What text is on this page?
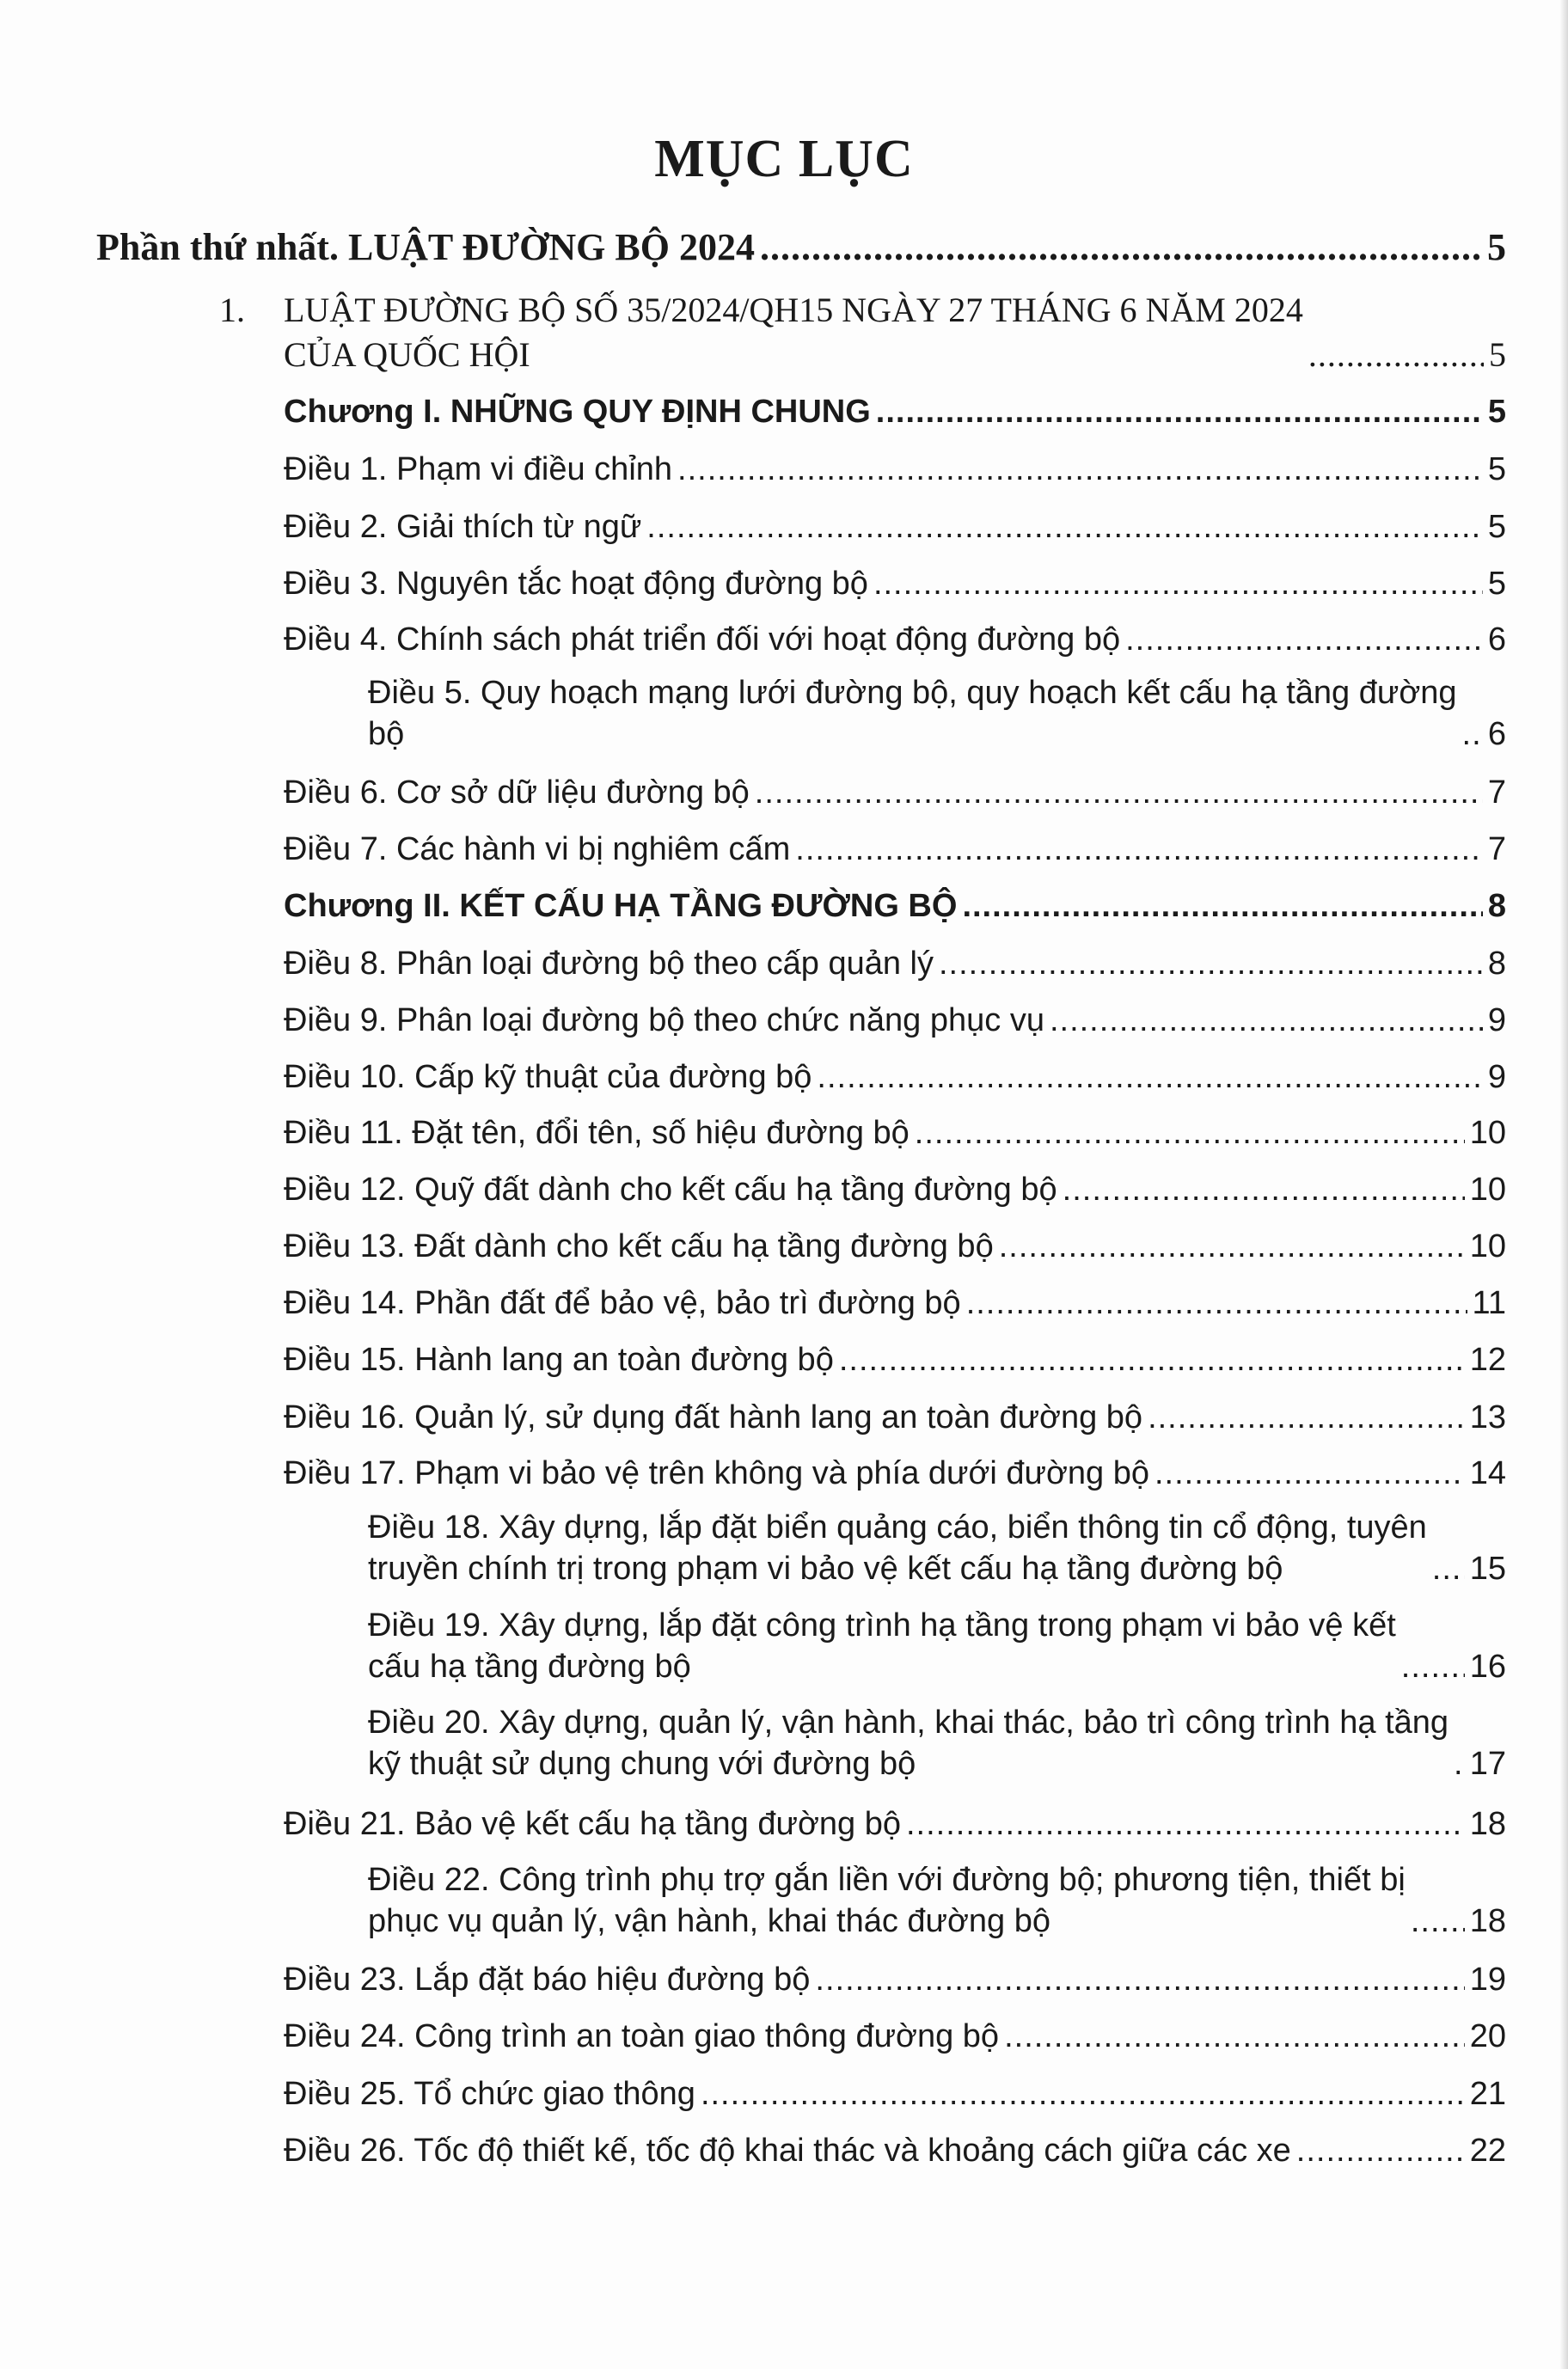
MỤC LỤC
Phần thứ nhất. LUẬT ĐƯỜNG BỘ 2024 .....	5
1. LUẬT ĐƯỜNG BỘ SỐ 35/2024/QH15 NGÀY 27 THÁNG 6 NĂM 2024
CỦA QUỐC HỘI .....	5
Chương I. NHỮNG QUY ĐỊNH CHUNG .....	5
Điều 1. Phạm vi điều chỉnh .....	5
Điều 2. Giải thích từ ngữ .....	5
Điều 3. Nguyên tắc hoạt động đường bộ .....	5
Điều 4. Chính sách phát triển đối với hoạt động đường bộ .....	6
Điều 5. Quy hoạch mạng lưới đường bộ, quy hoạch kết cấu hạ tầng đường
bộ .....	6
Điều 6. Cơ sở dữ liệu đường bộ .....	7
Điều 7. Các hành vi bị nghiêm cấm .....	7
Chương II. KẾT CẤU HẠ TẦNG ĐƯỜNG BỘ .....	8
Điều 8. Phân loại đường bộ theo cấp quản lý .....	8
Điều 9. Phân loại đường bộ theo chức năng phục vụ .....	9
Điều 10. Cấp kỹ thuật của đường bộ .....	9
Điều 11. Đặt tên, đổi tên, số hiệu đường bộ .....	10
Điều 12. Quỹ đất dành cho kết cấu hạ tầng đường bộ .....	10
Điều 13. Đất dành cho kết cấu hạ tầng đường bộ .....	10
Điều 14. Phần đất để bảo vệ, bảo trì đường bộ .....	11
Điều 15. Hành lang an toàn đường bộ .....	12
Điều 16. Quản lý, sử dụng đất hành lang an toàn đường bộ .....	13
Điều 17. Phạm vi bảo vệ trên không và phía dưới đường bộ .....	14
Điều 18. Xây dựng, lắp đặt biển quảng cáo, biển thông tin cổ động, tuyên
truyền chính trị trong phạm vi bảo vệ kết cấu hạ tầng đường bộ .....	15
Điều 19. Xây dựng, lắp đặt công trình hạ tầng trong phạm vi bảo vệ kết
cấu hạ tầng đường bộ .....	16
Điều 20. Xây dựng, quản lý, vận hành, khai thác, bảo trì công trình hạ tầng
kỹ thuật sử dụng chung với đường bộ .....	17
Điều 21. Bảo vệ kết cấu hạ tầng đường bộ .....	18
Điều 22. Công trình phụ trợ gắn liền với đường bộ; phương tiện, thiết bị
phục vụ quản lý, vận hành, khai thác đường bộ .....	18
Điều 23. Lắp đặt báo hiệu đường bộ .....	19
Điều 24. Công trình an toàn giao thông đường bộ .....	20
Điều 25. Tổ chức giao thông .....	21
Điều 26. Tốc độ thiết kế, tốc độ khai thác và khoảng cách giữa các xe .....	22
